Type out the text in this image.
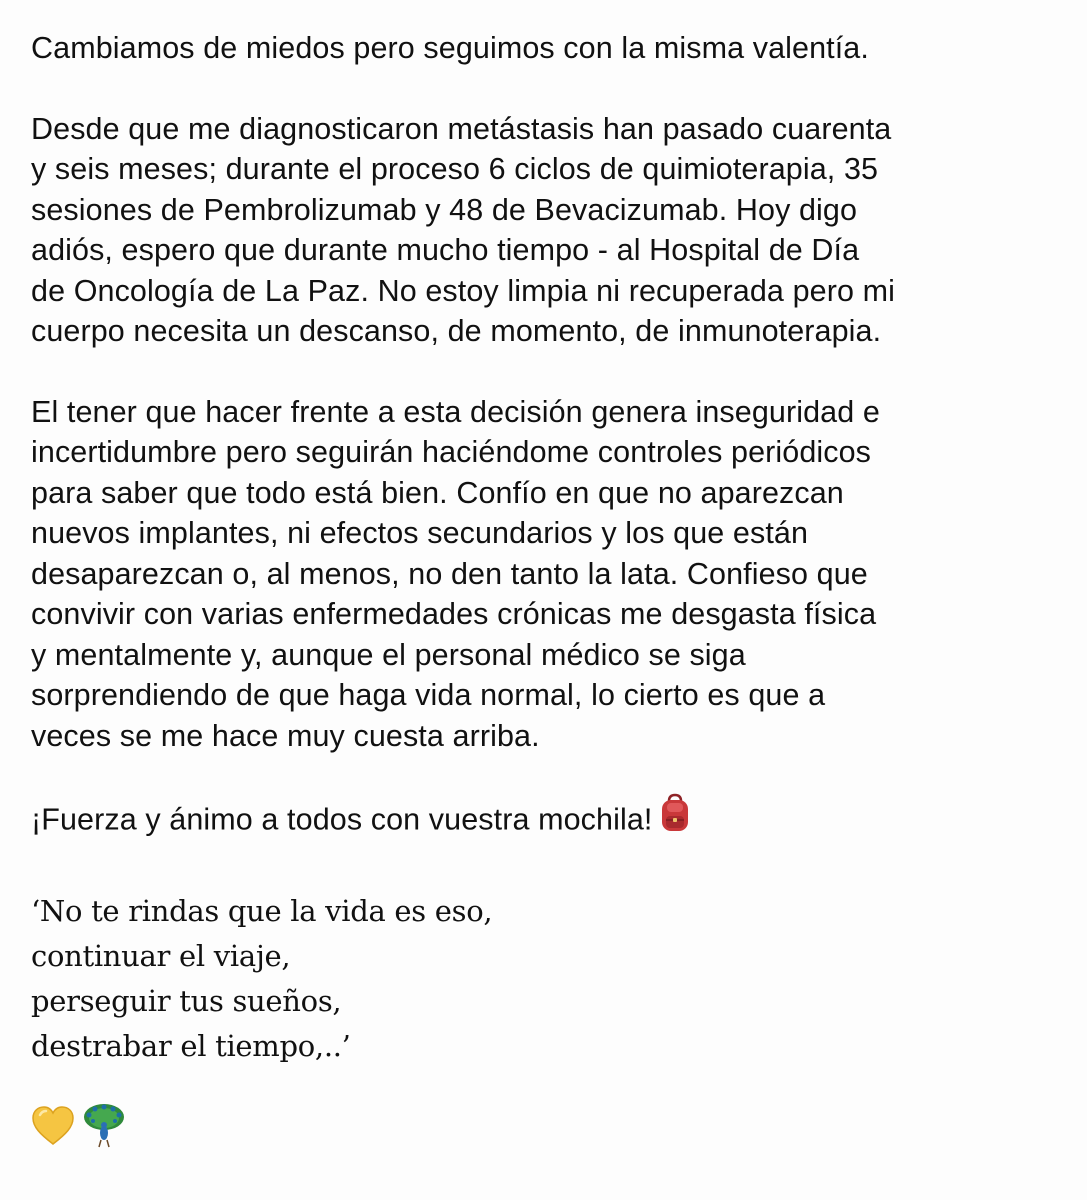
Cambiamos de miedos pero seguimos con la misma valentía.

Desde que me diagnosticaron metástasis han pasado cuarenta
y seis meses; durante el proceso 6 ciclos de quimioterapia, 35
sesiones de Pembrolizumab y 48 de Bevacizumab. Hoy digo
adiós, espero que durante mucho tiempo - al Hospital de Día
de Oncología de La Paz. No estoy limpia ni recuperada pero mi
cuerpo necesita un descanso, de momento, de inmunoterapia.

El tener que hacer frente a esta decisión genera inseguridad e
incertidumbre pero seguirán haciéndome controles periódicos
para saber que todo está bien. Confío en que no aparezcan
nuevos implantes, ni efectos secundarios y los que están
desaparezcan o, al menos, no den tanto la lata. Confieso que
convivir con varias enfermedades crónicas me desgasta física
y mentalmente y, aunque el personal médico se siga
sorprendiendo de que haga vida normal, lo cierto es que a
veces se me hace muy cuesta arriba.

¡Fuerza y ánimo a todos con vuestra mochila!

‘No te rindas que la vida es eso,
continuar el viaje,
perseguir tus sueños,
destrabar el tiempo,..’
